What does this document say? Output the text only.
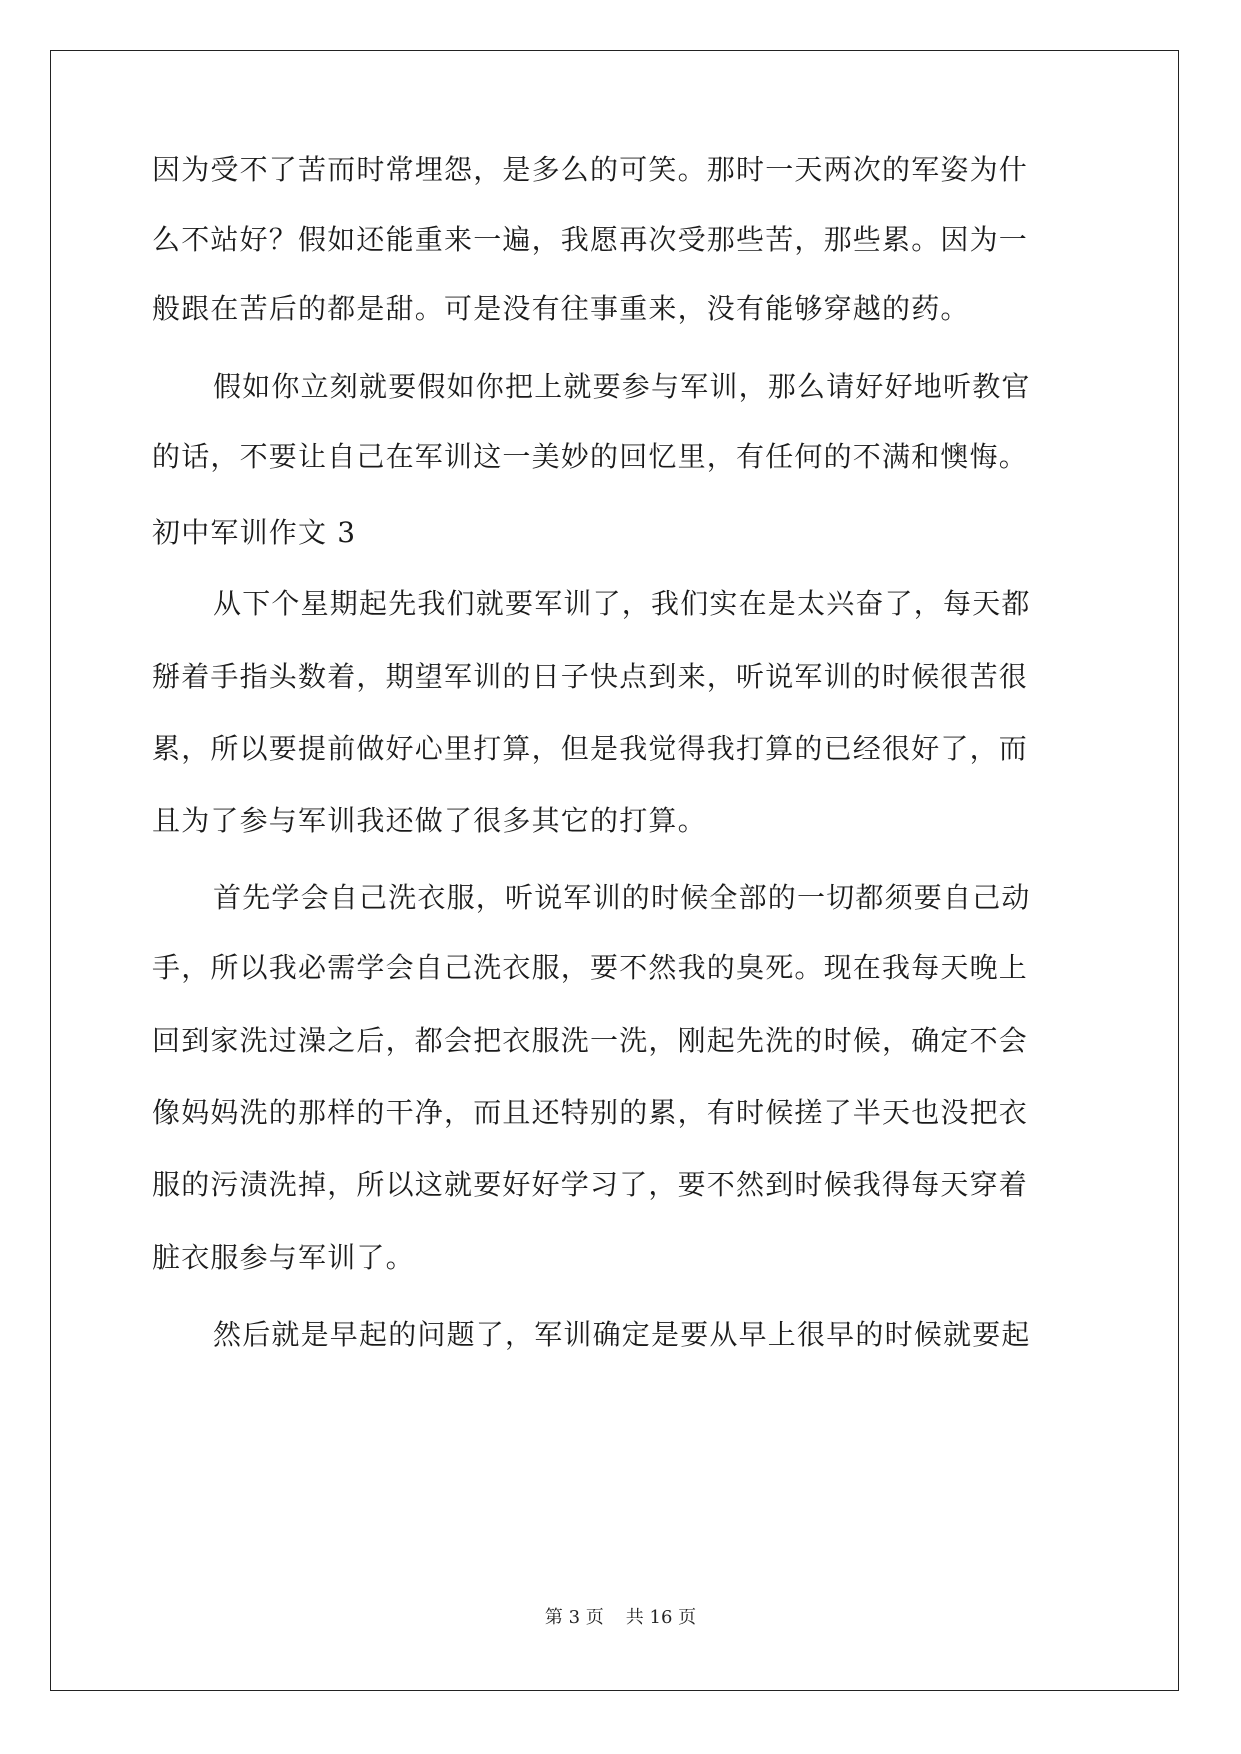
因为受不了苦而时常埋怨，是多么的可笑。那时一天两次的军姿为什
么不站好？假如还能重来一遍，我愿再次受那些苦，那些累。因为一
般跟在苦后的都是甜。可是没有往事重来，没有能够穿越的药。
假如你立刻就要假如你把上就要参与军训，那么请好好地听教官
的话，不要让自己在军训这一美妙的回忆里，有任何的不满和懊悔。
初中军训作文 3
从下个星期起先我们就要军训了，我们实在是太兴奋了，每天都
掰着手指头数着，期望军训的日子快点到来，听说军训的时候很苦很
累，所以要提前做好心里打算，但是我觉得我打算的已经很好了，而
且为了参与军训我还做了很多其它的打算。
首先学会自己洗衣服，听说军训的时候全部的一切都须要自己动
手，所以我必需学会自己洗衣服，要不然我的臭死。现在我每天晚上
回到家洗过澡之后，都会把衣服洗一洗，刚起先洗的时候，确定不会
像妈妈洗的那样的干净，而且还特别的累，有时候搓了半天也没把衣
服的污渍洗掉，所以这就要好好学习了，要不然到时候我得每天穿着
脏衣服参与军训了。
然后就是早起的问题了，军训确定是要从早上很早的时候就要起
第 3 页 共 16 页
